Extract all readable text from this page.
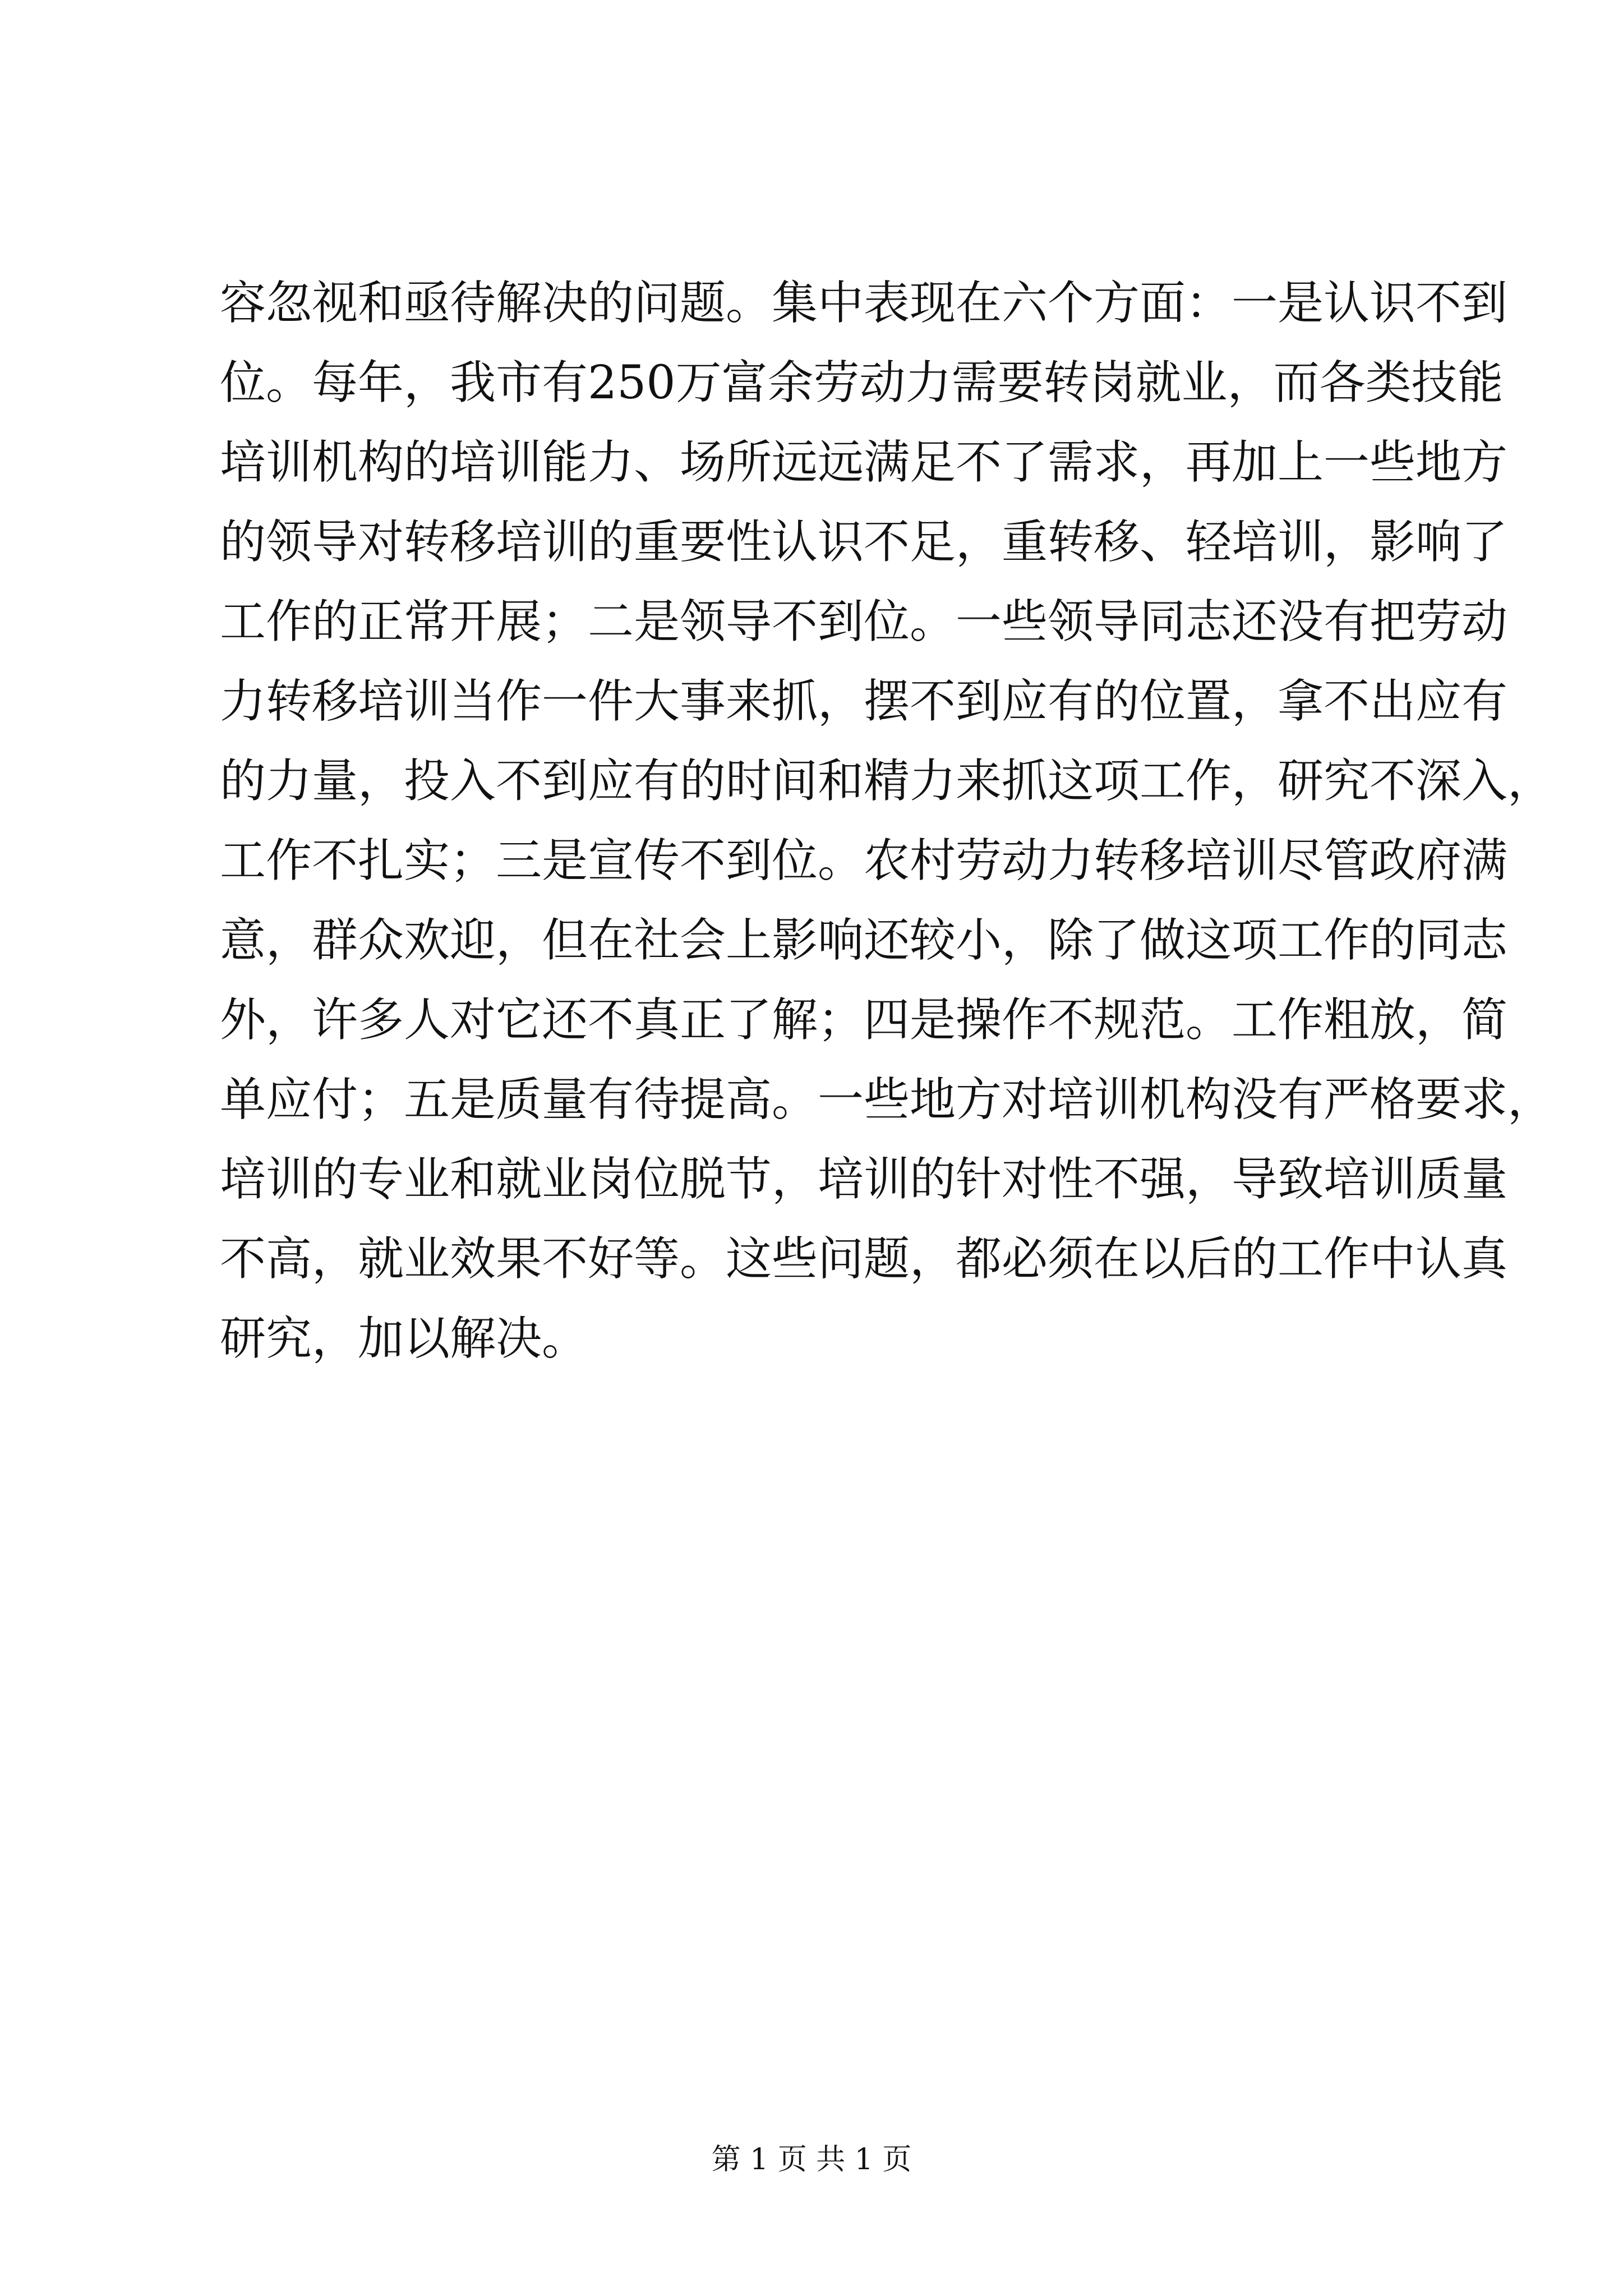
容忽视和亟待解决的问题。集中表现在六个方面：一是认识不到
位。每年，我市有250万富余劳动力需要转岗就业，而各类技能
培训机构的培训能力、场所远远满足不了需求，再加上一些地方
的领导对转移培训的重要性认识不足，重转移、轻培训，影响了
工作的正常开展；二是领导不到位。一些领导同志还没有把劳动
力转移培训当作一件大事来抓，摆不到应有的位置，拿不出应有
的力量，投入不到应有的时间和精力来抓这项工作，研究不深入，
工作不扎实；三是宣传不到位。农村劳动力转移培训尽管政府满
意，群众欢迎，但在社会上影响还较小，除了做这项工作的同志
外，许多人对它还不真正了解；四是操作不规范。工作粗放，简
单应付；五是质量有待提高。一些地方对培训机构没有严格要求，
培训的专业和就业岗位脱节，培训的针对性不强，导致培训质量
不高，就业效果不好等。这些问题，都必须在以后的工作中认真
研究，加以解决。
第 1 页 共 1 页
